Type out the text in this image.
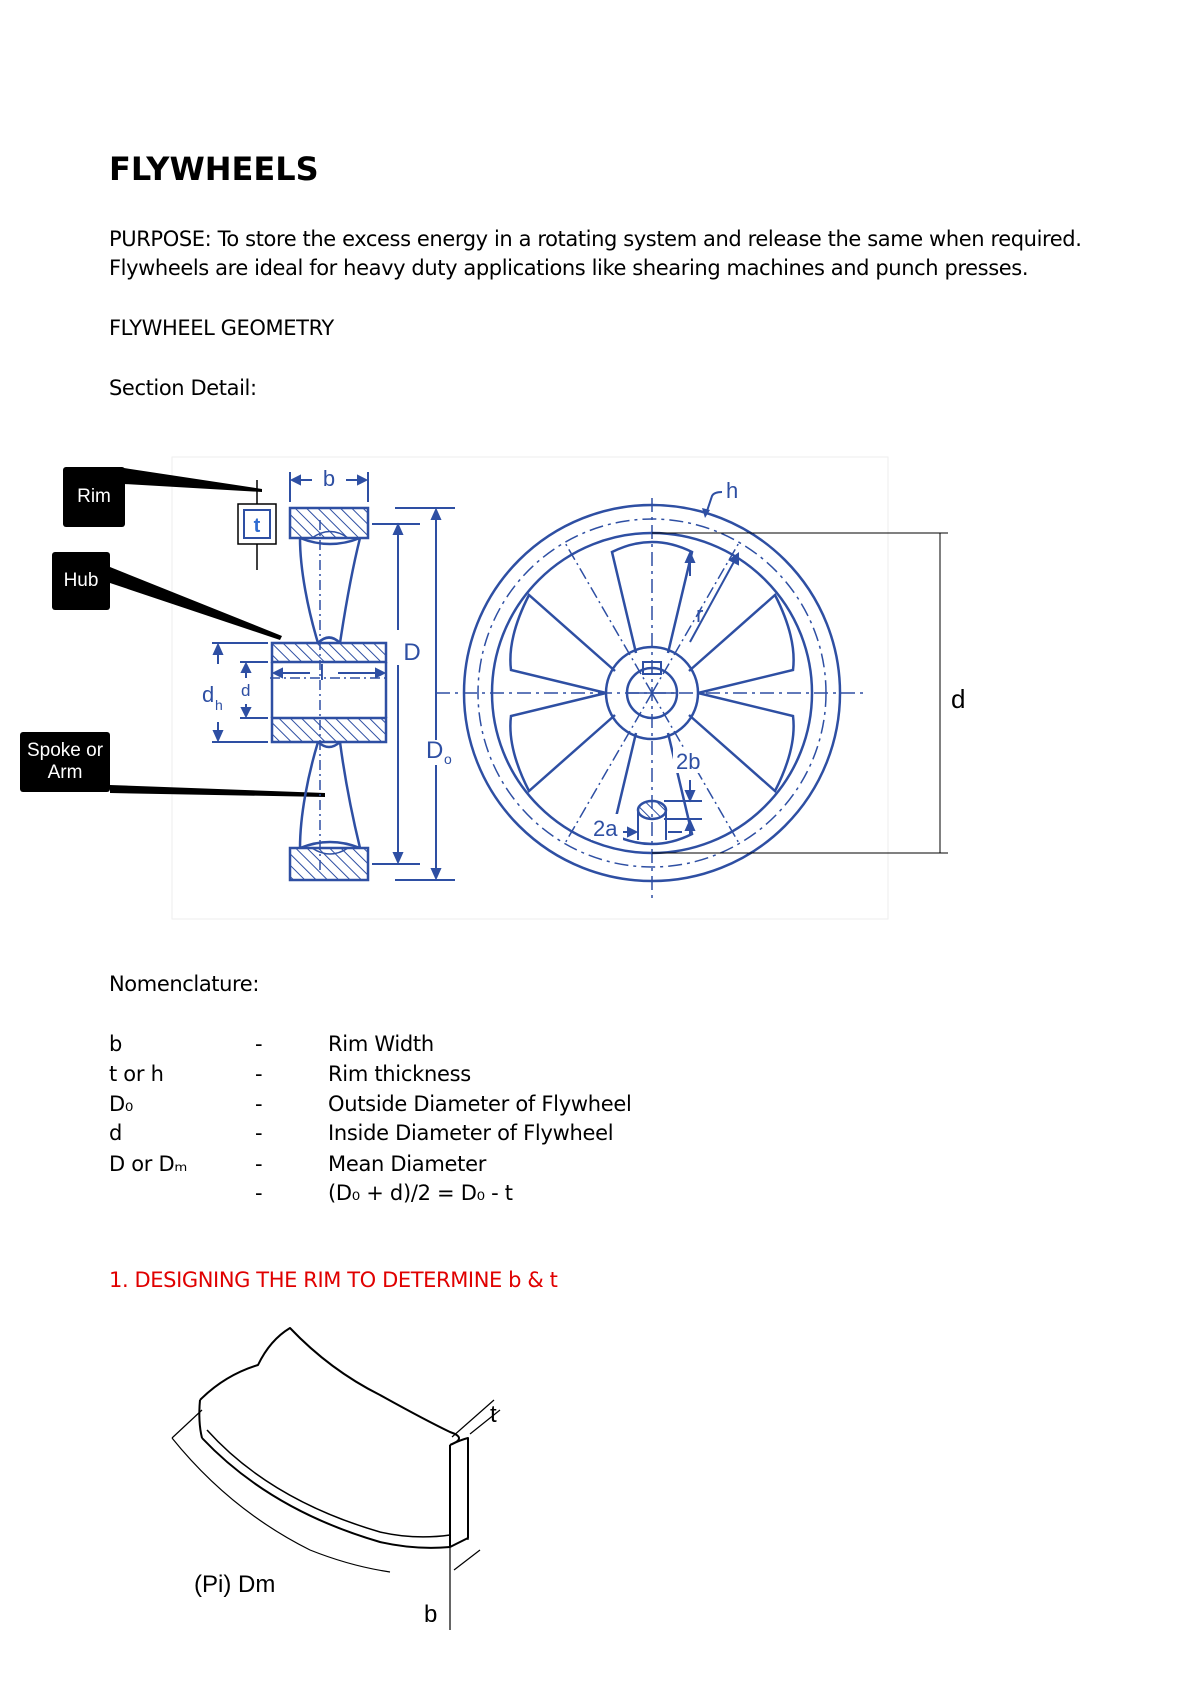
FLYWHEELS
PURPOSE: To store the excess energy in a rotating system and release the same when required.
Flywheels are ideal for heavy duty applications like shearing machines and punch presses.
FLYWHEEL GEOMETRY
Section Detail:
t
b
d h
d
l
D
D o
r
h
2b
2a
d
Rim
Hub
Spoke or
Arm
Nomenclature:
b	-	Rim Width
t or h	-	Rim thickness
D₀	-	Outside Diameter of Flywheel
d	-	Inside Diameter of Flywheel
D or Dₘ	-	Mean Diameter
-	(D₀ + d)/2 = D₀ - t
1. DESIGNING THE RIM TO DETERMINE b & t
t
b
(Pi) Dm
